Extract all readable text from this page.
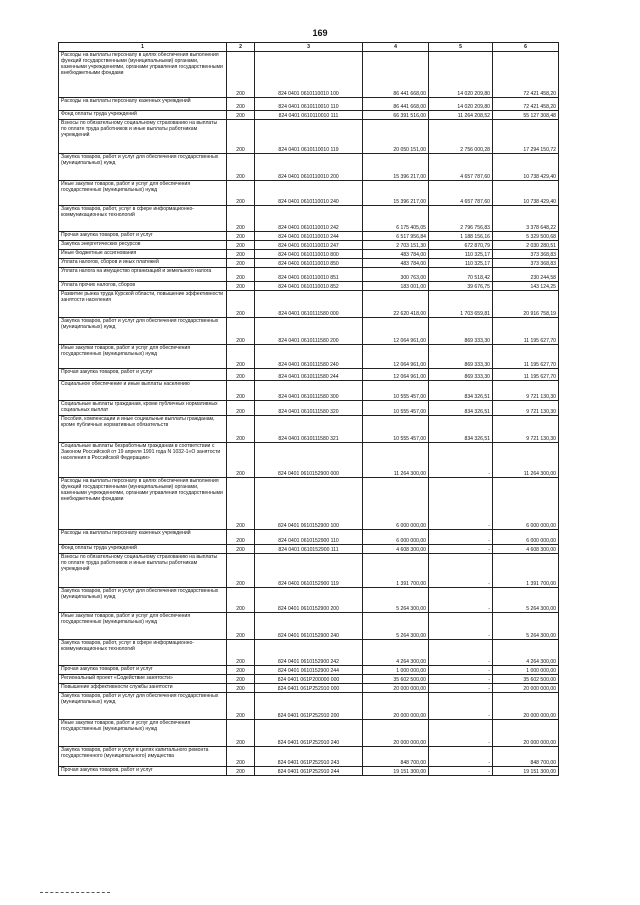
169
1	2	3	4	5	6
Расходы на выплаты персоналу в целях обеспечения выполнения функций государственными (муниципальными) органами, казенными учреждениями, органами управления государственными внебюджетными фондами	200	824 0401 0610110010 100	86 441 668,00	14 020 209,80	72 421 458,20
Расходы на выплаты персоналу казенных учреждений	200	824 0401 0610110010 110	86 441 668,00	14 020 209,80	72 421 458,20
Фонд оплаты труда учреждений	200	824 0401 0610110010 111	66 391 516,00	11 264 208,52	55 127 308,48
Взносы по обязательному социальному страхованию на выплаты по оплате труда работников и иные выплаты работникам учреждений	200	824 0401 0610110010 119	20 050 151,00	2 756 000,28	17 294 150,72
Закупка товаров, работ и услуг для обеспечения государственных (муниципальных) нужд	200	824 0401 0610110010 200	15 396 217,00	4 657 787,60	10 738 429,40
Иные закупки товаров, работ и услуг для обеспечения государственных (муниципальных) нужд	200	824 0401 0610110010 240	15 396 217,00	4 657 787,60	10 738 429,40
Закупка товаров, работ, услуг в сфере информационно-коммуникационных технологий	200	824 0401 0610110010 242	6 175 405,05	2 796 756,83	3 378 648,22
Прочая закупка товаров, работ и услуг	200	824 0401 0610110010 244	6 517 956,84	1 188 156,16	5 329 500,68
Закупка энергетических ресурсов	200	824 0401 0610110010 247	2 703 151,30	672 870,79	2 030 280,51
Иные бюджетные ассигнования	200	824 0401 0610110010 800	483 784,00	110 325,17	373 368,83
Уплата налогов, сборов и иных платежей	200	824 0401 0610110010 850	483 784,00	110 325,17	373 368,83
Уплата налога на имущество организаций и земельного налога	200	824 0401 0610110010 851	300 763,00	70 518,42	230 244,58
Уплата прочих налогов, сборов	200	824 0401 0610110010 852	183 001,00	39 676,75	143 124,25
Развитие рынка труда Курской области, повышение эффективности занятости населения	200	824 0401 0610111580 000	22 620 418,00	1 703 659,81	20 916 758,19
Закупка товаров, работ и услуг для обеспечения государственных (муниципальных) нужд	200	824 0401 0610111580 200	12 064 961,00	869 333,30	11 195 627,70
Иные закупки товаров, работ и услуг для обеспечения государственных (муниципальных) нужд	200	824 0401 0610111580 240	12 064 961,00	869 333,30	11 195 627,70
Прочая закупка товаров, работ и услуг	200	824 0401 0610111580 244	12 064 961,00	869 333,30	11 195 627,70
Социальное обеспечение и иные выплаты населению	200	824 0401 0610111580 300	10 555 457,00	834 326,51	9 721 130,30
Социальные выплаты гражданам, кроме публичных нормативных социальных выплат	200	824 0401 0610111580 320	10 555 457,00	834 326,51	9 721 130,30
Пособия, компенсации и иные социальные выплаты гражданам, кроме публичных нормативных обязательств	200	824 0401 0610111580 321	10 555 457,00	834 326,51	9 721 130,30
Социальные выплаты безработным гражданам в соответствии с Законом Российской от 19 апреля 1991 года N 1032-1«О занятости населения в Российской Федерации»	200	824 0401 0610152900 000	11 264 300,00	-	11 264 300,00
Расходы на выплаты персоналу в целях обеспечения выполнения функций государственными (муниципальными) органами, казенными учреждениями, органами управления государственными внебюджетными фондами	200	824 0401 0610152900 100	6 000 000,00	-	6 000 000,00
Расходы на выплаты персоналу казенных учреждений	200	824 0401 0610152900 110	6 000 000,00	-	6 000 000,00
Фонд оплаты труда учреждений	200	824 0401 0610152900 111	4 608 300,00	-	4 608 300,00
Взносы по обязательному социальному страхованию на выплаты по оплате труда работников и иные выплаты работникам учреждений	200	824 0401 0610152900 119	1 391 700,00	-	1 391 700,00
Закупка товаров, работ и услуг для обеспечения государственных (муниципальных) нужд	200	824 0401 0610152900 200	5 264 300,00	-	5 264 300,00
Иные закупки товаров, работ и услуг для обеспечения государственных (муниципальных) нужд	200	824 0401 0610152900 240	5 264 300,00	-	5 264 300,00
Закупка товаров, работ, услуг в сфере информационно-коммуникационных технологий	200	824 0401 0610152900 242	4 264 300,00	-	4 264 300,00
Прочая закупка товаров, работ и услуг	200	824 0401 0610152900 244	1 000 000,00	-	1 000 000,00
Региональный проект «Содействие занятости»	200	824 0401 061P200000 000	35 602 500,00	-	35 602 500,00
Повышение эффективности службы занятости	200	824 0401 061P252910 000	20 000 000,00	-	20 000 000,00
Закупка товаров, работ и услуг для обеспечения государственных (муниципальных) нужд	200	824 0401 061P252910 200	20 000 000,00	-	20 000 000,00
Иные закупки товаров, работ и услуг для обеспечения государственных (муниципальных) нужд	200	824 0401 061P252910 240	20 000 000,00	-	20 000 000,00
Закупка товаров, работ и услуг в целях капитального ремонта государственного (муниципального) имущества	200	824 0401 061P252910 243	848 700,00	-	848 700,00
Прочая закупка товаров, работ и услуг	200	824 0401 061P252910 244	19 151 300,00	-	19 151 300,00
